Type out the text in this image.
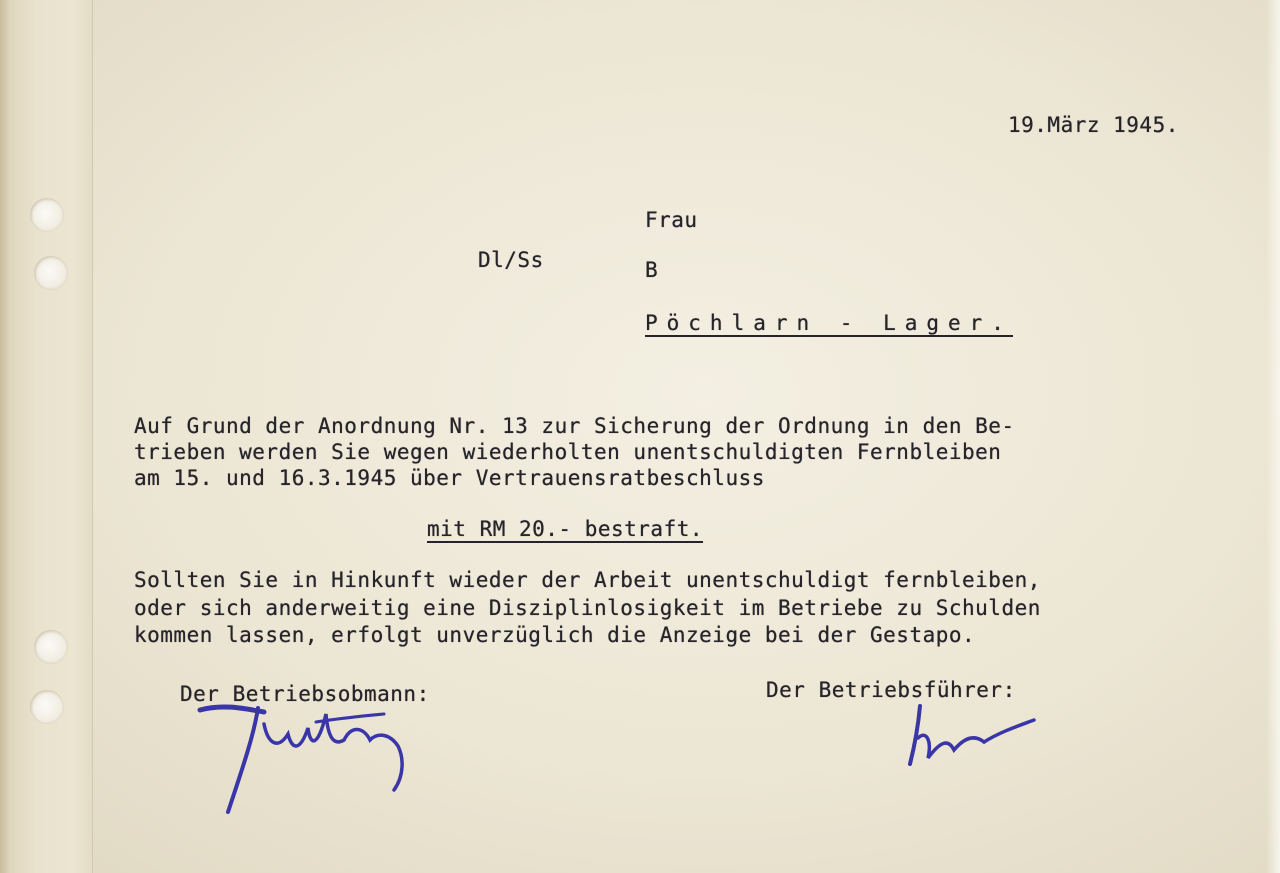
19.März 1945.
Frau
Dl/Ss	B
Pöchlarn - Lager.
Auf Grund der Anordnung Nr. 13 zur Sicherung der Ordnung in den Be-
trieben werden Sie wegen wiederholten unentschuldigten Fernbleiben
am 15. und 16.3.1945 über Vertrauensratbeschluss
mit RM 20.- bestraft.
Sollten Sie in Hinkunft wieder der Arbeit unentschuldigt fernbleiben,
oder sich anderweitig eine Disziplinlosigkeit im Betriebe zu Schulden
kommen lassen, erfolgt unverzüglich die Anzeige bei der Gestapo.
Der Betriebsobmann:	Der Betriebsführer:
